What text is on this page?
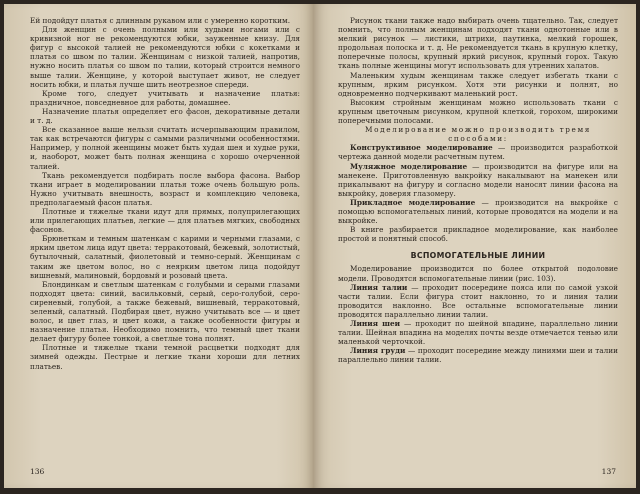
Ей подойдут платья с длинным рукавом или с умеренно коротким.

Для женщин с очень полными или худыми ногами или с кривизной ног не рекомендуются юбки, зауженные книзу. Для фигур с высокой талией не рекомендуются юбки с кокетками и платья со швом по талии. Женщинам с низкой талией, напротив, нужно носить платья со швом по талии, который строится немного выше талии. Женщине, у которой выступает живот, не следует носить юбки, и платья лучше шить неотрезное спереди.

Кроме того, следует учитывать и назначение платья: праздничное, повседневное для работы, домашнее.

Назначение платья определяет его фасон, декоративные детали и т. д.

Все сказанное выше нельзя считать исчерпывающим правилом, так как встречаются фигуры с самыми различными особенностями. Например, у полной женщины может быть худая шея и худые руки, и, наоборот, может быть полная женщина с хорошо очерченной талией.

Ткань рекомендуется подбирать после выбора фасона. Выбор ткани играет в моделировании платья тоже очень большую роль. Нужно учитывать внешность, возраст и комплекцию человека, предполагаемый фасон платья.

Плотные и тяжелые ткани идут для прямых, полуприлегающих или прилегающих платьев, легкие — для платьев мягких, свободных фасонов.

Брюнеткам и темным шатенкам с карими и черными глазами, с ярким цветом лица идут цвета: терракотовый, бежевый, золотистый, бутылочный, салатный, фиолетовый и темно-серый. Женщинам с таким же цветом волос, но с неярким цветом лица подойдут вишневый, малиновый, бордовый и розовый цвета.

Блондинкам и светлым шатенкам с голубыми и серыми глазами подходят цвета: синий, васильковый, серый, серо-голубой, серо-сиреневый, голубой, а также бежевый, вишневый, терракотовый, зеленый, салатный. Подбирая цвет, нужно учитывать все — и цвет волос, и цвет глаз, и цвет кожи, а также особенности фигуры и назначение платья. Необходимо помнить, что темный цвет ткани делает фигуру более тонкой, а светлые тона полнят.

Плотные и тяжелые ткани темной расцветки подходят для зимней одежды. Пестрые и легкие ткани хороши для летних платьев.

136

Рисунок ткани также надо выбирать очень тщательно. Так, следует помнить, что полным женщинам подходят ткани однотонные или в мелкий рисунок — листики, штрихи, паутинка, мелкий горошек, продольная полоска и т. д. Не рекомендуется ткань в крупную клетку, поперечные полосы, крупный яркий рисунок, крупный горох. Такую ткань полные женщины могут использовать для утренних халатов.

Маленьким худым женщинам также следует избегать ткани с крупным, ярким рисунком. Хотя эти рисунки и полнят, но одновременно подчеркивают маленький рост.

Высоким стройным женщинам можно использовать ткани с крупным цветочным рисунком, крупной клеткой, горохом, широкими поперечными полосами.

Моделирование можно производить тремя способами:

Конструктивное моделирование — производится разработкой чертежа данной модели расчетным путем.

Муляжное моделирование — производится на фигуре или на манекене. Приготовленную выкройку накалывают на манекен или прикалывают на фигуру и согласно модели наносят линии фасона на выкройку, доверяя глазомеру.

Прикладное моделирование — производится на выкройке с помощью вспомогательных линий, которые проводятся на модели и на выкройке.

В книге разбирается прикладное моделирование, как наиболее простой и понятный способ.

ВСПОМОГАТЕЛЬНЫЕ ЛИНИИ

Моделирование производится по более открытой подоловие модели. Проводятся вспомогательные линии (рис. 103).

Линия талии — проходит посередине пояса или по самой узкой части талии. Если фигура стоит наклонно, то и линия талии проводится наклонно. Все остальные вспомогательные линии проводятся параллельно линии талии.

Линия шеи — проходит по шейной впадине, параллельно линии талии. Шейная впадина на моделях почты везде отмечается тенью или маленькой черточкой.

Линия груди — проходит посередине между линиями шеи и талии параллельно линии талии.

137
